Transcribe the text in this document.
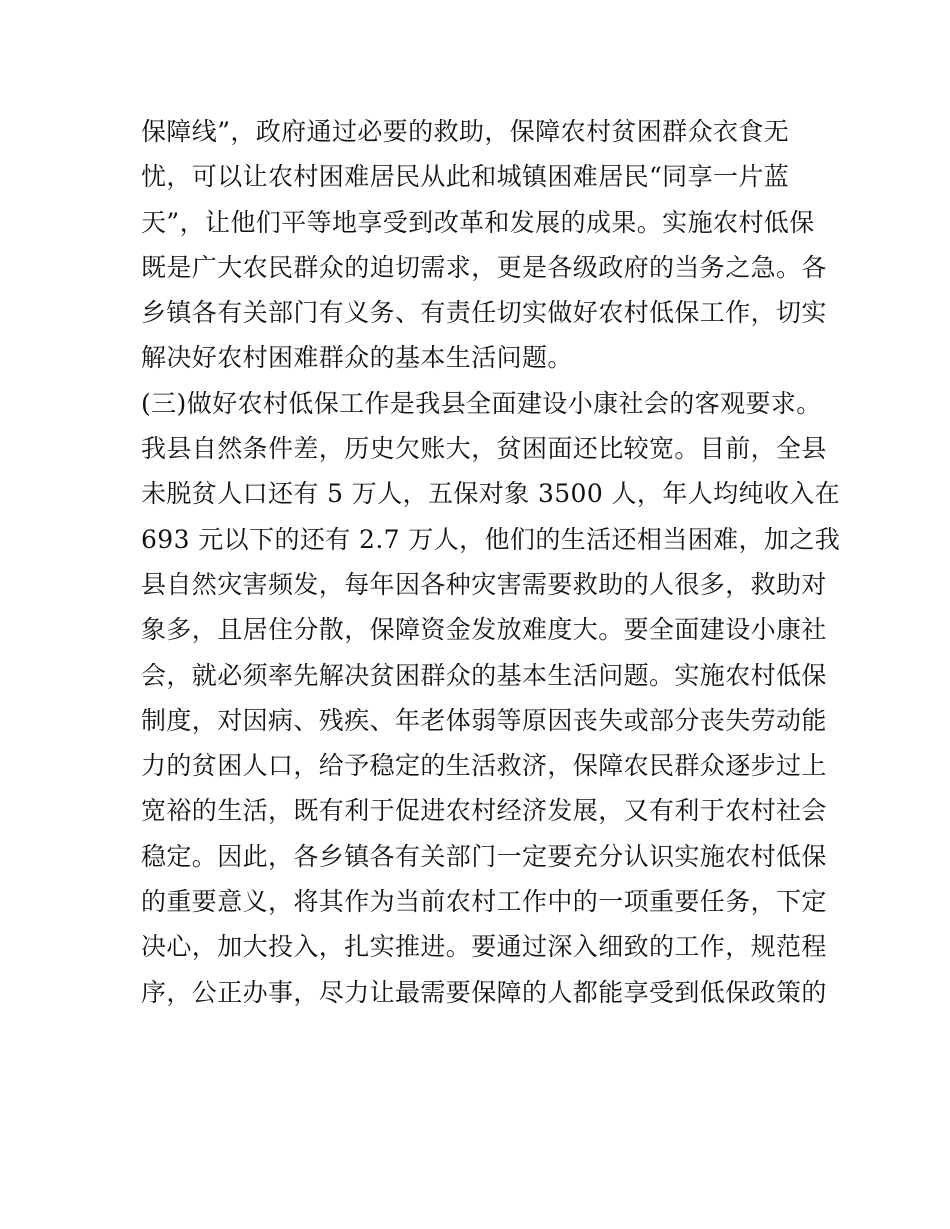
保障线”，政府通过必要的救助，保障农村贫困群众衣食无
忧，可以让农村困难居民从此和城镇困难居民“同享一片蓝
天”，让他们平等地享受到改革和发展的成果。实施农村低保
既是广大农民群众的迫切需求，更是各级政府的当务之急。各
乡镇各有关部门有义务、有责任切实做好农村低保工作，切实
解决好农村困难群众的基本生活问题。
(三)做好农村低保工作是我县全面建设小康社会的客观要求。
我县自然条件差，历史欠账大，贫困面还比较宽。目前，全县
未脱贫人口还有 5 万人，五保对象 3500 人，年人均纯收入在
693 元以下的还有 2.7 万人，他们的生活还相当困难，加之我
县自然灾害频发，每年因各种灾害需要救助的人很多，救助对
象多，且居住分散，保障资金发放难度大。要全面建设小康社
会，就必须率先解决贫困群众的基本生活问题。实施农村低保
制度，对因病、残疾、年老体弱等原因丧失或部分丧失劳动能
力的贫困人口，给予稳定的生活救济，保障农民群众逐步过上
宽裕的生活，既有利于促进农村经济发展，又有利于农村社会
稳定。因此，各乡镇各有关部门一定要充分认识实施农村低保
的重要意义，将其作为当前农村工作中的一项重要任务，下定
决心，加大投入，扎实推进。要通过深入细致的工作，规范程
序，公正办事，尽力让最需要保障的人都能享受到低保政策的
